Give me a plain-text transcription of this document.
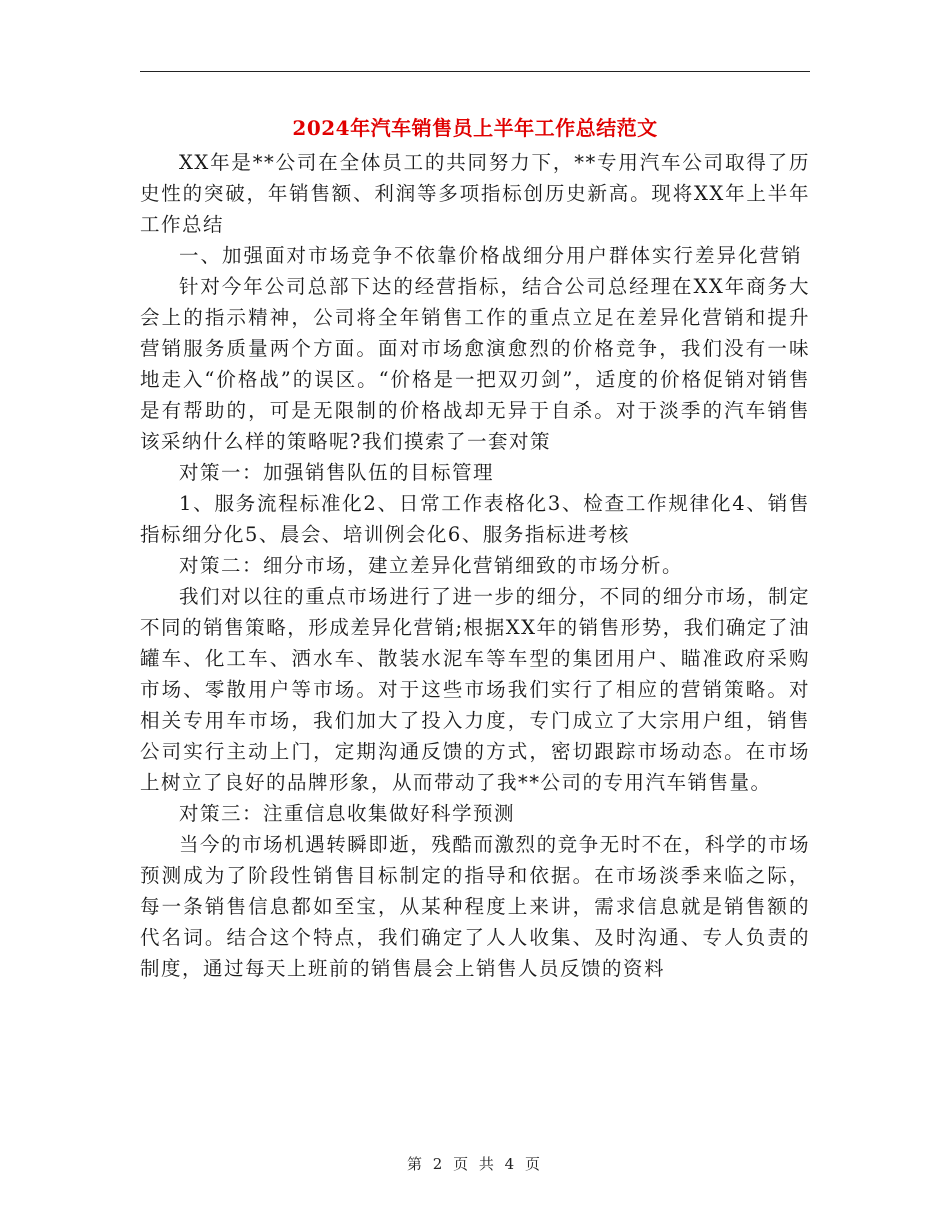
2024年汽车销售员上半年工作总结范文

XX年是**公司在全体员工的共同努力下，**专用汽车公司取得了历史性的突破，年销售额、利润等多项指标创历史新高。现将XX年上半年工作总结

一、加强面对市场竞争不依靠价格战细分用户群体实行差异化营销

针对今年公司总部下达的经营指标，结合公司总经理在XX年商务大会上的指示精神，公司将全年销售工作的重点立足在差异化营销和提升营销服务质量两个方面。面对市场愈演愈烈的价格竞争，我们没有一味地走入“价格战”的误区。“价格是一把双刃剑”，适度的价格促销对销售是有帮助的，可是无限制的价格战却无异于自杀。对于淡季的汽车销售该采纳什么样的策略呢?我们摸索了一套对策

对策一：加强销售队伍的目标管理

1、服务流程标准化2、日常工作表格化3、检查工作规律化4、销售指标细分化5、晨会、培训例会化6、服务指标进考核

对策二：细分市场，建立差异化营销细致的市场分析。

我们对以往的重点市场进行了进一步的细分，不同的细分市场，制定不同的销售策略，形成差异化营销;根据XX年的销售形势，我们确定了油罐车、化工车、洒水车、散装水泥车等车型的集团用户、瞄准政府采购市场、零散用户等市场。对于这些市场我们实行了相应的营销策略。对相关专用车市场，我们加大了投入力度，专门成立了大宗用户组，销售公司实行主动上门，定期沟通反馈的方式，密切跟踪市场动态。在市场上树立了良好的品牌形象，从而带动了我**公司的专用汽车销售量。

对策三：注重信息收集做好科学预测

当今的市场机遇转瞬即逝，残酷而激烈的竞争无时不在，科学的市场预测成为了阶段性销售目标制定的指导和依据。在市场淡季来临之际，每一条销售信息都如至宝，从某种程度上来讲，需求信息就是销售额的代名词。结合这个特点，我们确定了人人收集、及时沟通、专人负责的制度，通过每天上班前的销售晨会上销售人员反馈的资料

第 2 页 共 4 页
